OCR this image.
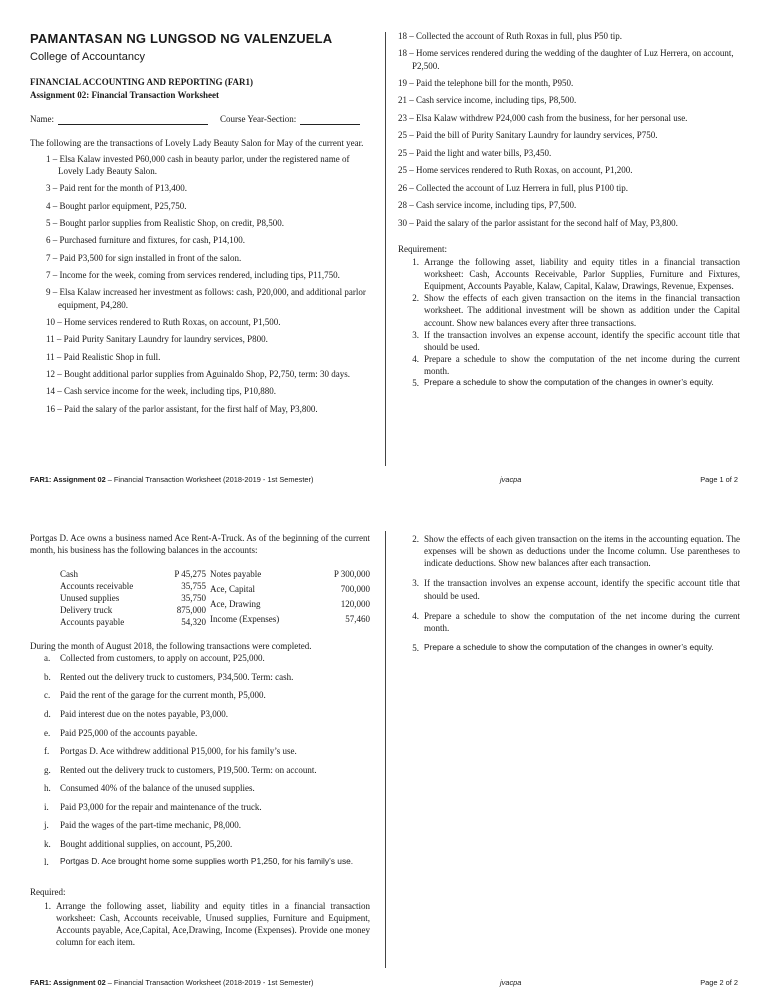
PAMANTASAN NG LUNGSOD NG VALENZUELA
College of Accountancy
FINANCIAL ACCOUNTING AND REPORTING (FAR1)
Assignment 02: Financial Transaction Worksheet
Name:	Course Year-Section:

The following are the transactions of Lovely Lady Beauty Salon for May of the current year.

1 – Elsa Kalaw invested P60,000 cash in beauty parlor, under the registered name of Lovely Lady Beauty Salon.
3 – Paid rent for the month of P13,400.
4 – Bought parlor equipment, P25,750.
5 – Bought parlor supplies from Realistic Shop, on credit, P8,500.
6 – Purchased furniture and fixtures, for cash, P14,100.
7 – Paid P3,500 for sign installed in front of the salon.
7 – Income for the week, coming from services rendered, including tips, P11,750.
9 – Elsa Kalaw increased her investment as follows: cash, P20,000, and additional parlor equipment, P4,280.
10 – Home services rendered to Ruth Roxas, on account, P1,500.
11 – Paid Purity Sanitary Laundry for laundry services, P800.
11 – Paid Realistic Shop in full.
12 – Bought additional parlor supplies from Aguinaldo Shop, P2,750, term: 30 days.
14 – Cash service income for the week, including tips, P10,880.
16 – Paid the salary of the parlor assistant, for the first half of May, P3,800.
18 – Collected the account of Ruth Roxas in full, plus P50 tip.
18 – Home services rendered during the wedding of the daughter of Luz Herrera, on account, P2,500.
19 – Paid the telephone bill for the month, P950.
21 – Cash service income, including tips, P8,500.
23 – Elsa Kalaw withdrew P24,000 cash from the business, for her personal use.
25 – Paid the bill of Purity Sanitary Laundry for laundry services, P750.
25 – Paid the light and water bills, P3,450.
25 – Home services rendered to Ruth Roxas, on account, P1,200.
26 – Collected the account of Luz Herrera in full, plus P100 tip.
28 – Cash service income, including tips, P7,500.
30 – Paid the salary of the parlor assistant for the second half of May, P3,800.
Requirement:
1. Arrange the following asset, liability and equity titles in a financial transaction worksheet: Cash, Accounts Receivable, Parlor Supplies, Furniture and Fixtures, Equipment, Accounts Payable, Kalaw, Capital, Kalaw, Drawings, Revenue, Expenses.
2. Show the effects of each given transaction on the items in the financial transaction worksheet. The additional investment will be shown as addition under the Capital account. Show new balances every after three transactions.
3. If the transaction involves an expense account, identify the specific account title that should be used.
4. Prepare a schedule to show the computation of the net income during the current month.
5. Prepare a schedule to show the computation of the changes in owner’s equity.
FAR1: Assignment 02 – Financial Transaction Worksheet (2018-2019 - 1st Semester)	jvacpa	Page 1 of 2

Portgas D. Ace owns a business named Ace Rent-A-Truck. As of the beginning of the current month, his business has the following balances in the accounts:

Cash	P 45,275
Accounts receivable	35,755
Unused supplies	35,750
Delivery truck	875,000
Accounts payable	54,320
Notes payable	P 300,000
Ace, Capital	700,000
Ace, Drawing	120,000
Income (Expenses)	57,460

During the month of August 2018, the following transactions were completed.

a.	Collected from customers, to apply on account, P25,000.
b.	Rented out the delivery truck to customers, P34,500. Term: cash.
c.	Paid the rent of the garage for the current month, P5,000.
d.	Paid interest due on the notes payable, P3,000.
e.	Paid P25,000 of the accounts payable.
f.	Portgas D. Ace withdrew additional P15,000, for his family’s use.
g.	Rented out the delivery truck to customers, P19,500. Term: on account.
h.	Consumed 40% of the balance of the unused supplies.
i.	Paid P3,000 for the repair and maintenance of the truck.
j.	Paid the wages of the part-time mechanic, P8,000.
k.	Bought additional supplies, on account, P5,200.
l.	Portgas D. Ace brought home some supplies worth P1,250, for his family’s use.
Required:
1. Arrange the following asset, liability and equity titles in a financial transaction worksheet: Cash, Accounts receivable, Unused supplies, Furniture and Equipment, Accounts payable, Ace,Capital, Ace,Drawing, Income (Expenses). Provide one money column for each item.
2. Show the effects of each given transaction on the items in the accounting equation. The expenses will be shown as deductions under the Income column. Use parentheses to indicate deductions. Show new balances after each transaction.
3. If the transaction involves an expense account, identify the specific account title that should be used.
4. Prepare a schedule to show the computation of the net income during the current month.
5. Prepare a schedule to show the computation of the changes in owner’s equity.
FAR1: Assignment 02 – Financial Transaction Worksheet (2018-2019 - 1st Semester)	jvacpa	Page 2 of 2
